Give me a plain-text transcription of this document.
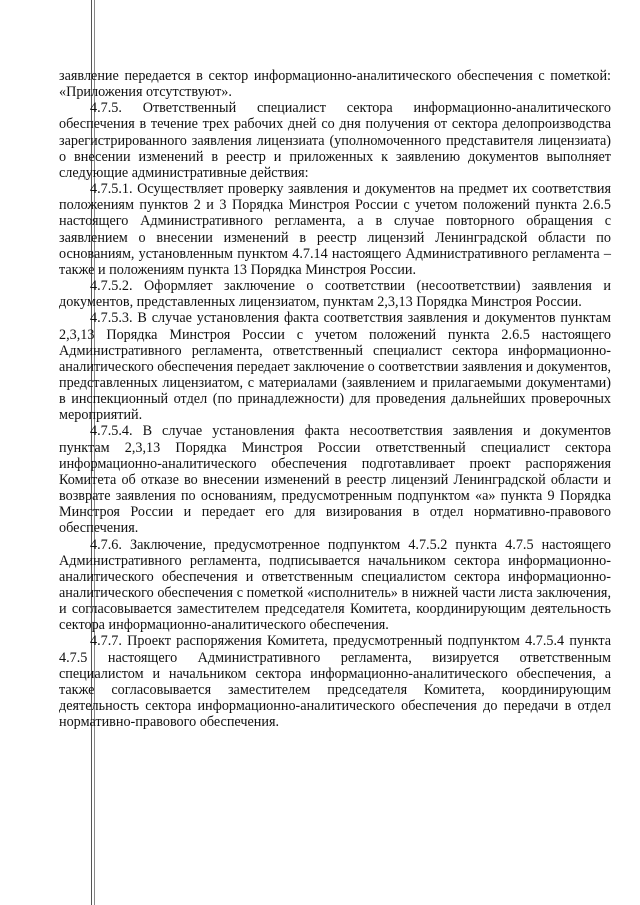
заявление передается в сектор информационно-аналитического обеспечения с пометкой: «Приложения отсутствуют».

4.7.5. Ответственный специалист сектора информационно-аналитического обеспечения в течение трех рабочих дней со дня получения от сектора делопроизводства зарегистрированного заявления лицензиата (уполномоченного представителя лицензиата) о внесении изменений в реестр и приложенных к заявлению документов выполняет следующие административные действия:

4.7.5.1. Осуществляет проверку заявления и документов на предмет их соответствия положениям пунктов 2 и 3 Порядка Минстроя России с учетом положений пункта 2.6.5 настоящего Административного регламента, а в случае повторного обращения с заявлением о внесении изменений в реестр лицензий Ленинградской области по основаниям, установленным пунктом 4.7.14 настоящего Административного регламента – также и положениям пункта 13 Порядка Минстроя России.

4.7.5.2. Оформляет заключение о соответствии (несоответствии) заявления и документов, представленных лицензиатом, пунктам 2,3,13 Порядка Минстроя России.

4.7.5.3. В случае установления факта соответствия заявления и документов пунктам 2,3,13 Порядка Минстроя России с учетом положений пункта 2.6.5 настоящего Административного регламента, ответственный специалист сектора информационно-аналитического обеспечения передает заключение о соответствии заявления и документов, представленных лицензиатом, с материалами (заявлением и прилагаемыми документами) в инспекционный отдел (по принадлежности) для проведения дальнейших проверочных мероприятий.

4.7.5.4. В случае установления факта несоответствия заявления и документов пунктам 2,3,13 Порядка Минстроя России ответственный специалист сектора информационно-аналитического обеспечения подготавливает проект распоряжения Комитета об отказе во внесении изменений в реестр лицензий Ленинградской области и возврате заявления по основаниям, предусмотренным подпунктом «а» пункта 9 Порядка Минстроя России и передает его для визирования в отдел нормативно-правового обеспечения.

4.7.6. Заключение, предусмотренное подпунктом 4.7.5.2 пункта 4.7.5 настоящего Административного регламента, подписывается начальником сектора информационно-аналитического обеспечения и ответственным специалистом сектора информационно-аналитического обеспечения с пометкой «исполнитель» в нижней части листа заключения, и согласовывается заместителем председателя Комитета, координирующим деятельность сектора информационно-аналитического обеспечения.

4.7.7. Проект распоряжения Комитета, предусмотренный подпунктом 4.7.5.4 пункта 4.7.5 настоящего Административного регламента, визируется ответственным специалистом и начальником сектора информационно-аналитического обеспечения, а также согласовывается заместителем председателя Комитета, координирующим деятельность сектора информационно-аналитического обеспечения до передачи в отдел нормативно-правового обеспечения.
